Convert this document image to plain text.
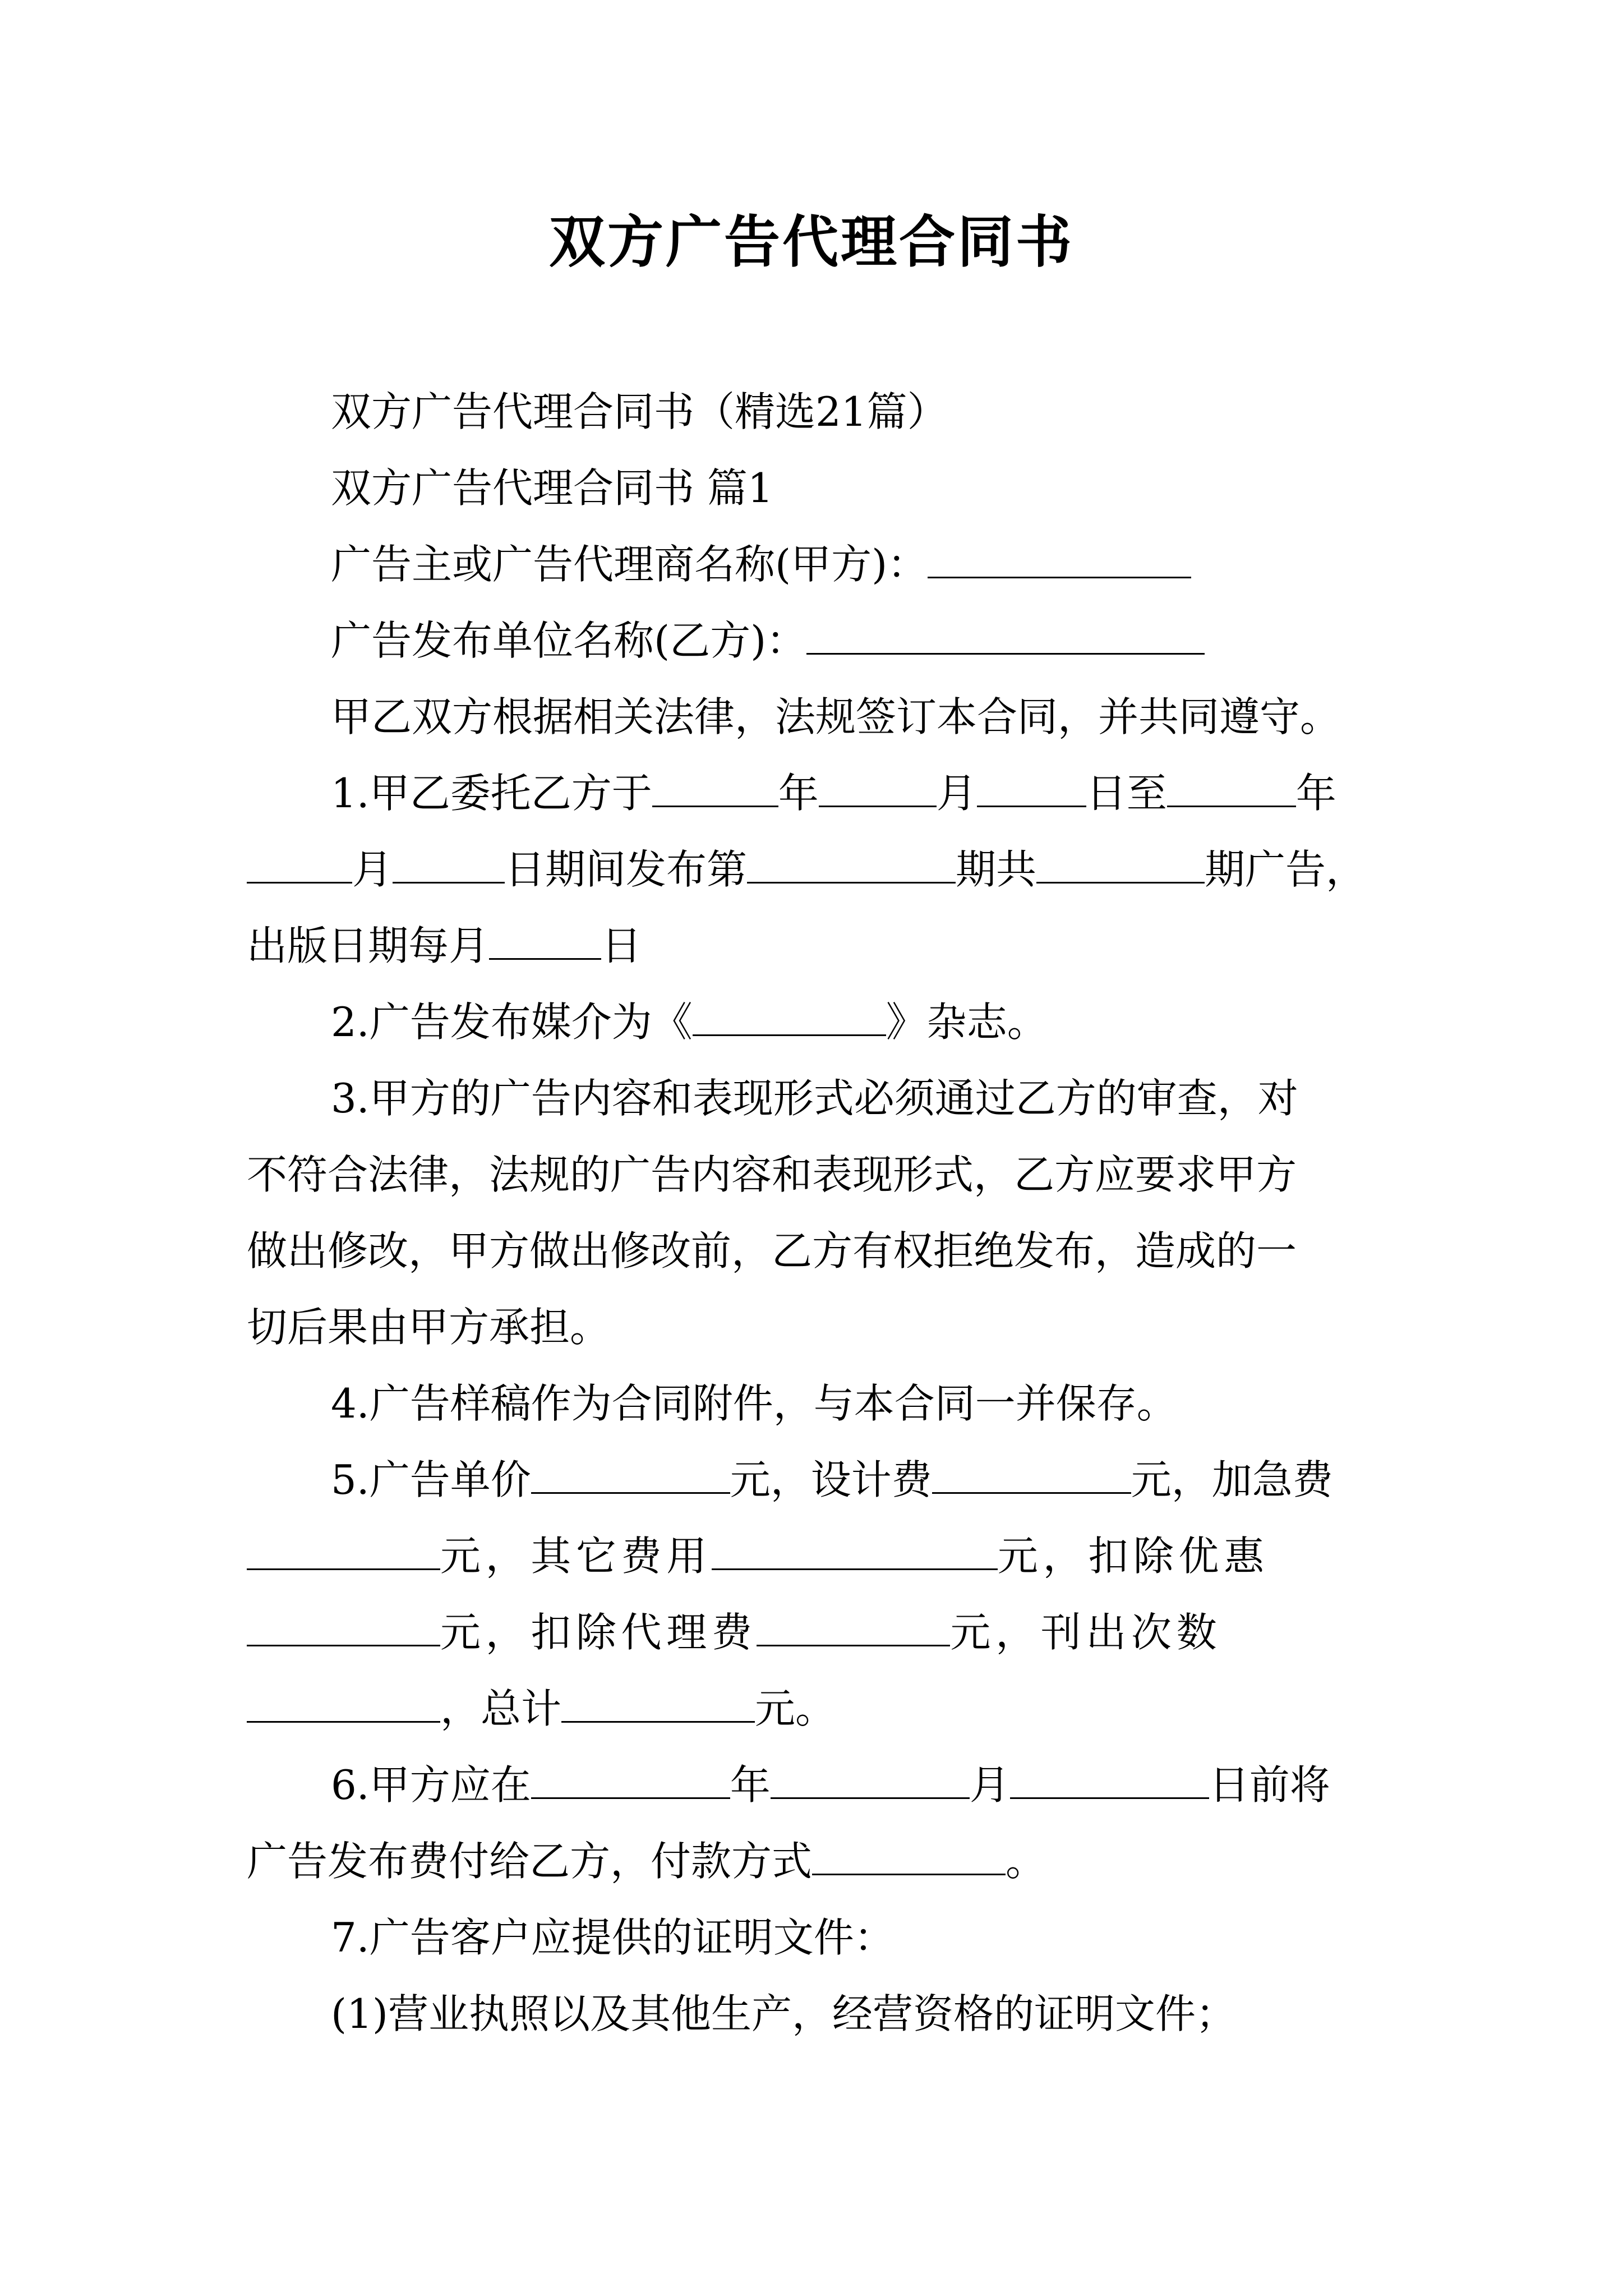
双方广告代理合同书
双方广告代理合同书（精选21篇）
双方广告代理合同书 篇1
广告主或广告代理商名称(甲方)：
广告发布单位名称(乙方)：
甲乙双方根据相关法律，法规签订本合同，并共同遵守。
1.甲乙委托乙方于	年	月	日至	年
月	日期间发布第	期共	期广告，
出版日期每月	日
2.广告发布媒介为《	》杂志。
3.甲方的广告内容和表现形式必须通过乙方的审查，对
不符合法律，法规的广告内容和表现形式，乙方应要求甲方
做出修改，甲方做出修改前，乙方有权拒绝发布，造成的一
切后果由甲方承担。
4.广告样稿作为合同附件，与本合同一并保存。
5.广告单价	元，设计费	元，加急费
元，其它费用	元，扣除优惠
元，扣除代理费	元，刊出次数
，总计	元。
6.甲方应在	年	月	日前将
广告发布费付给乙方，付款方式	。
7.广告客户应提供的证明文件：
(1)营业执照以及其他生产，经营资格的证明文件；
